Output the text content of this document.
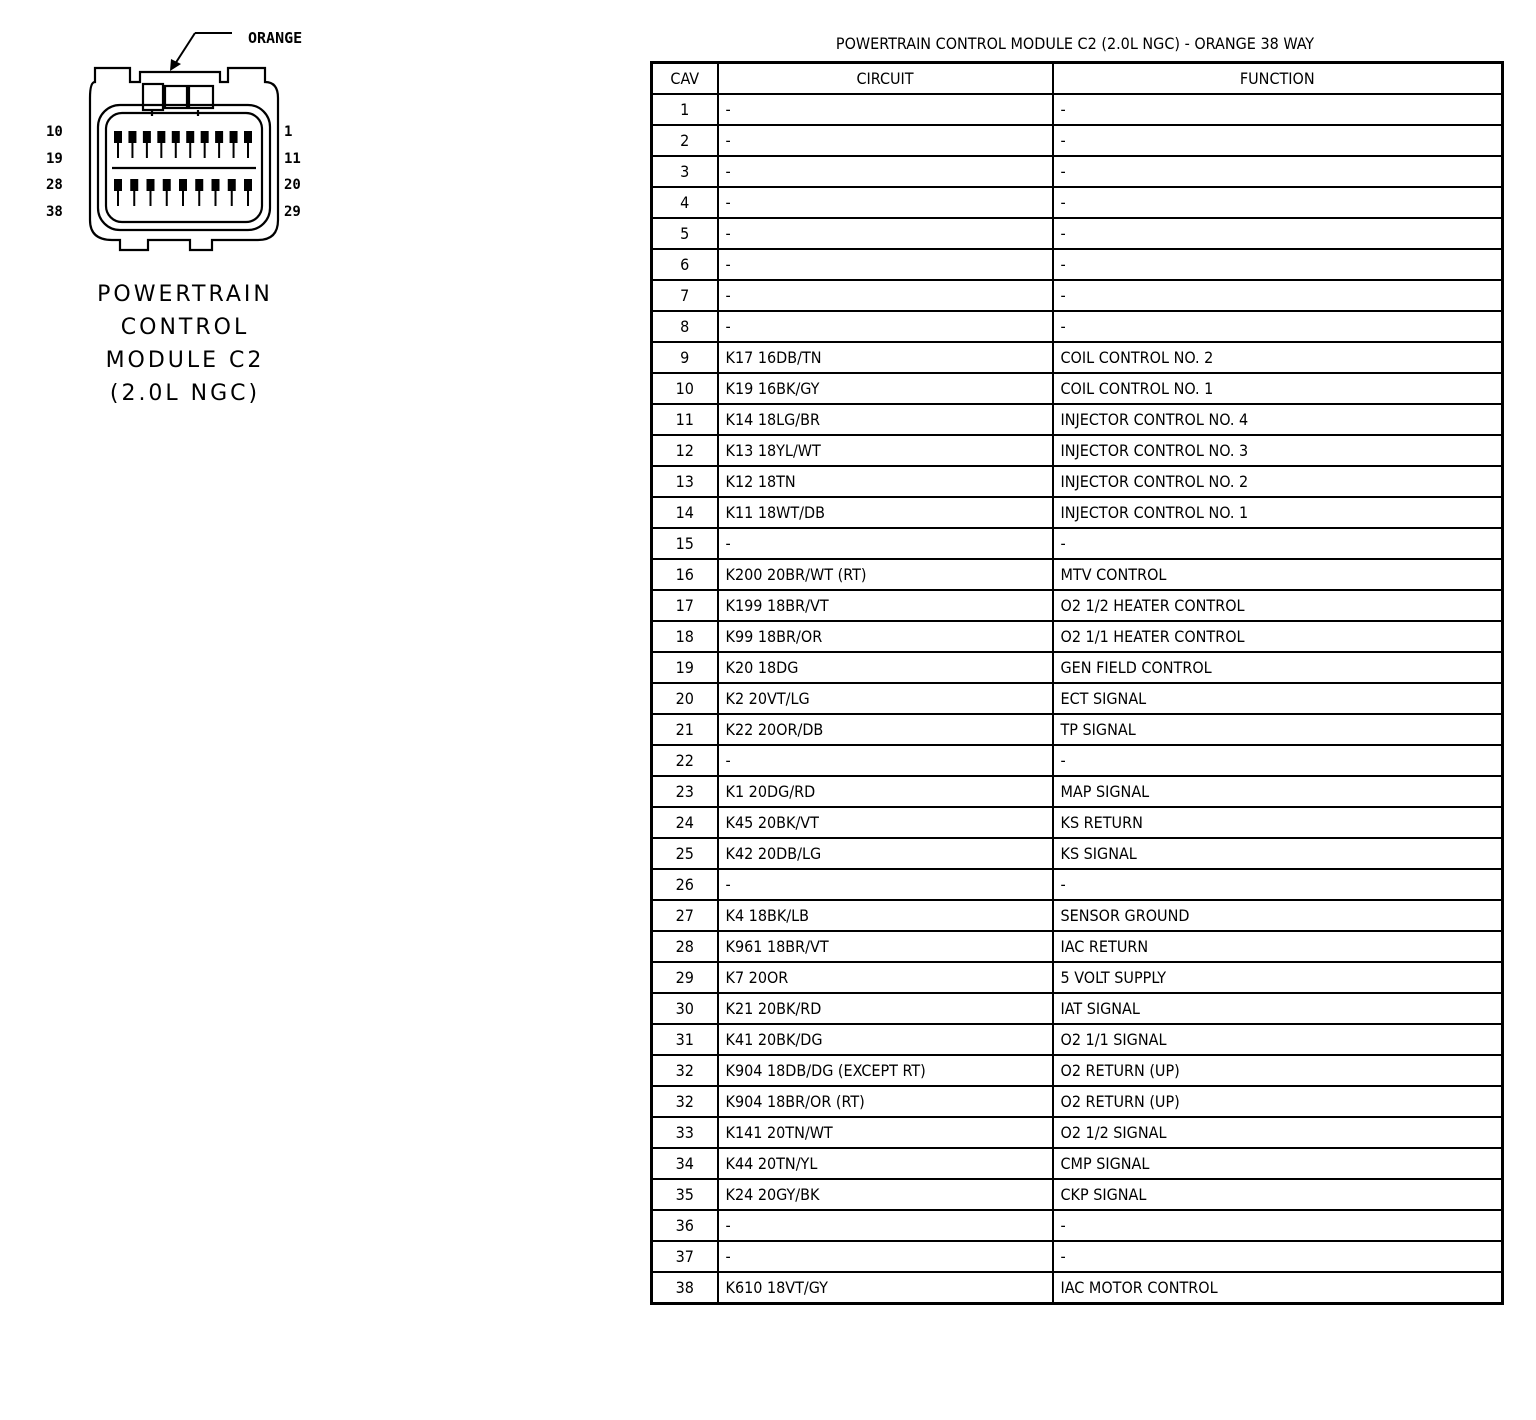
ORANGE
10
19
28
38
1
11
20
29
POWERTRAIN
CONTROL
MODULE C2
(2.0L NGC)
POWERTRAIN CONTROL MODULE C2 (2.0L NGC) - ORANGE 38 WAY
CAV	CIRCUIT	FUNCTION
1	-	-
2	-	-
3	-	-
4	-	-
5	-	-
6	-	-
7	-	-
8	-	-
9	K17 16DB/TN	COIL CONTROL NO. 2
10	K19 16BK/GY	COIL CONTROL NO. 1
11	K14 18LG/BR	INJECTOR CONTROL NO. 4
12	K13 18YL/WT	INJECTOR CONTROL NO. 3
13	K12 18TN	INJECTOR CONTROL NO. 2
14	K11 18WT/DB	INJECTOR CONTROL NO. 1
15	-	-
16	K200 20BR/WT (RT)	MTV CONTROL
17	K199 18BR/VT	O2 1/2 HEATER CONTROL
18	K99 18BR/OR	O2 1/1 HEATER CONTROL
19	K20 18DG	GEN FIELD CONTROL
20	K2 20VT/LG	ECT SIGNAL
21	K22 20OR/DB	TP SIGNAL
22	-	-
23	K1 20DG/RD	MAP SIGNAL
24	K45 20BK/VT	KS RETURN
25	K42 20DB/LG	KS SIGNAL
26	-	-
27	K4 18BK/LB	SENSOR GROUND
28	K961 18BR/VT	IAC RETURN
29	K7 20OR	5 VOLT SUPPLY
30	K21 20BK/RD	IAT SIGNAL
31	K41 20BK/DG	O2 1/1 SIGNAL
32	K904 18DB/DG (EXCEPT RT)	O2 RETURN (UP)
32	K904 18BR/OR (RT)	O2 RETURN (UP)
33	K141 20TN/WT	O2 1/2 SIGNAL
34	K44 20TN/YL	CMP SIGNAL
35	K24 20GY/BK	CKP SIGNAL
36	-	-
37	-	-
38	K610 18VT/GY	IAC MOTOR CONTROL
